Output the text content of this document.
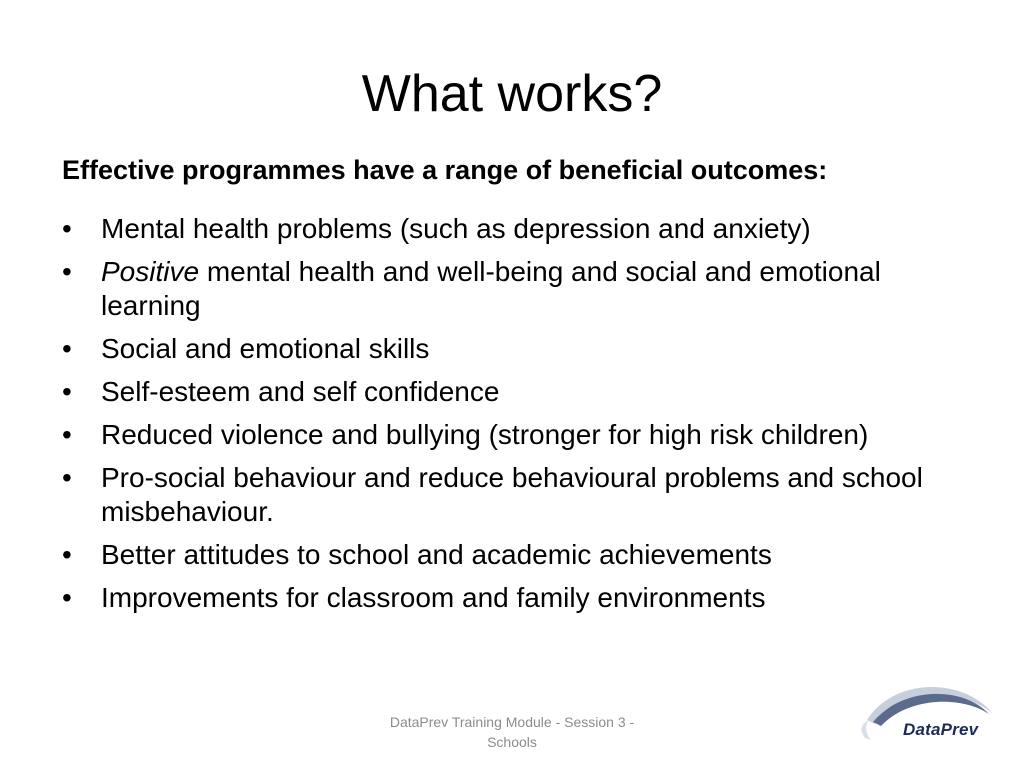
What works?

Effective programmes have a range of beneficial outcomes:

• Mental health problems (such as depression and anxiety)
• Positive mental health and well-being and social and emotional learning
• Social and emotional skills
• Self-esteem and self confidence
• Reduced violence and bullying (stronger for high risk children)
• Pro-social behaviour and reduce behavioural problems and school misbehaviour.
• Better attitudes to school and academic achievements
• Improvements for classroom and family environments
DataPrev Training Module - Session 3 -
Schools
DataPrev
